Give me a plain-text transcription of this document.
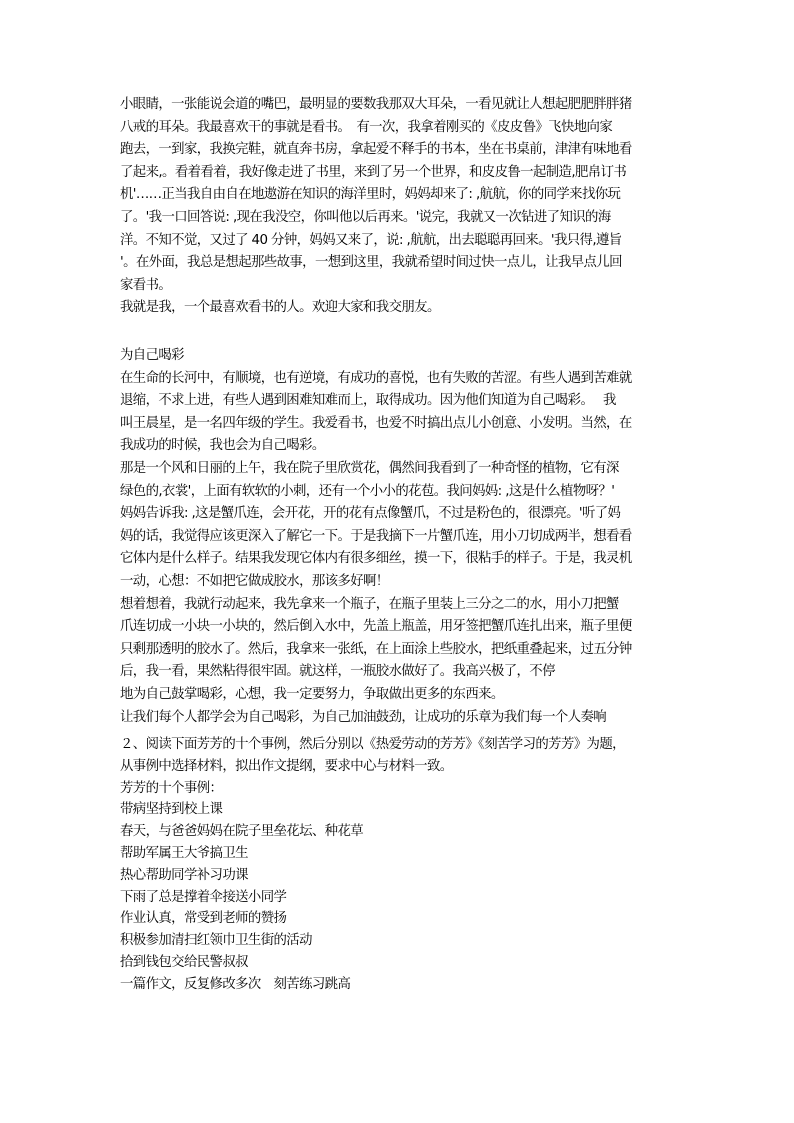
小眼睛，一张能说会道的嘴巴，最明显的要数我那双大耳朵，一看见就让人想起肥肥胖胖猪
八戒的耳朵。我最喜欢干的事就是看书。　有一次，我拿着刚买的《皮皮鲁》飞快地向家
跑去，一到家，我换完鞋，就直奔书房，拿起爱不释手的书本，坐在书桌前，津津有味地看
了起来,。看着看着，我好像走进了书里，来到了另一个世界，和皮皮鲁一起制造,肥帛订书
机'……正当我自由自在地遨游在知识的海洋里时，妈妈却来了: ,航航，你的同学来找你玩
了。'我一口回答说: ,现在我没空，你叫他以后再来。'说完，我就又一次钻进了知识的海
洋。不知不觉，又过了 40 分钟，妈妈又来了，说: ,航航，出去聪聪再回来。'我只得,遵旨
'。在外面，我总是想起那些故事，一想到这里，我就希望时间过快一点儿，让我早点儿回
家看书。
我就是我，一个最喜欢看书的人。欢迎大家和我交朋友。
为自己喝彩
在生命的长河中，有顺境，也有逆境，有成功的喜悦，也有失败的苦涩。有些人遇到苦难就
退缩，不求上进，有些人遇到困难知难而上，取得成功。因为他们知道为自己喝彩。　 我
叫王晨星，是一名四年级的学生。我爱看书，也爱不时搞出点儿小创意、小发明。当然，在
我成功的时候，我也会为自己喝彩。
那是一个风和日丽的上午，我在院子里欣赏花，偶然间我看到了一种奇怪的植物，它有深
绿色的,衣裳'，上面有软软的小刺，还有一个小小的花苞。我问妈妈: ,这是什么植物呀？'
妈妈告诉我: ,这是蟹爪连，会开花，开的花有点像蟹爪，不过是粉色的，很漂亮。'听了妈
妈的话，我觉得应该更深入了解它一下。于是我摘下一片蟹爪连，用小刀切成两半，想看看
它体内是什么样子。结果我发现它体内有很多细丝，摸一下，很粘手的样子。于是，我灵机
一动，心想：不如把它做成胶水，那该多好啊！
想着想着，我就行动起来，我先拿来一个瓶子，在瓶子里装上三分之二的水，用小刀把蟹
爪连切成一小块一小块的，然后倒入水中，先盖上瓶盖，用牙签把蟹爪连扎出来，瓶子里便
只剩那透明的胶水了。然后，我拿来一张纸，在上面涂上些胶水，把纸重叠起来，过五分钟
后，我一看，果然粘得很牢固。就这样，一瓶胶水做好了。我高兴极了，不停
地为自己鼓掌喝彩，心想，我一定要努力，争取做出更多的东西来。
让我们每个人都学会为自己喝彩，为自己加油鼓劲，让成功的乐章为我们每一个人奏响
２、阅读下面芳芳的十个事例，然后分别以《热爱劳动的芳芳》《刻苦学习的芳芳》为题，
从事例中选择材料，拟出作文提纲，要求中心与材料一致。
芳芳的十个事例：
带病坚持到校上课
春天，与爸爸妈妈在院子里垒花坛、种花草
帮助军属王大爷搞卫生
热心帮助同学补习功课
下雨了总是撑着伞接送小同学
作业认真，常受到老师的赞扬
积极参加清扫红领巾卫生街的活动
拾到钱包交给民警叔叔
一篇作文，反复修改多次　刻苦练习跳高
